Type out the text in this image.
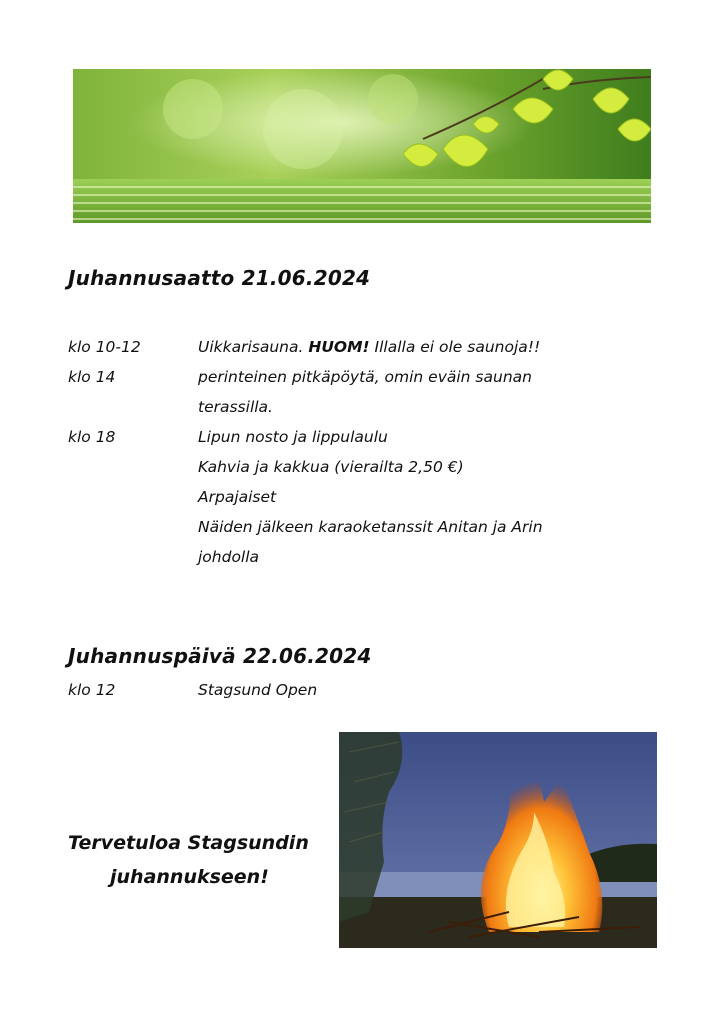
Juhannusaatto 21.06.2024
klo 10-12	Uikkarisauna. HUOM! Illalla ei ole saunoja!!
klo 14	perinteinen pitkäpöytä, omin eväin saunan
terassilla.
klo 18	Lipun nosto ja lippulaulu
Kahvia ja kakkua (vierailta 2,50 €)
Arpajaiset
Näiden jälkeen karaoketanssit Anitan ja Arin
johdolla
Juhannuspäivä 22.06.2024
klo 12	Stagsund Open
Tervetuloa Stagsundin
juhannukseen!
